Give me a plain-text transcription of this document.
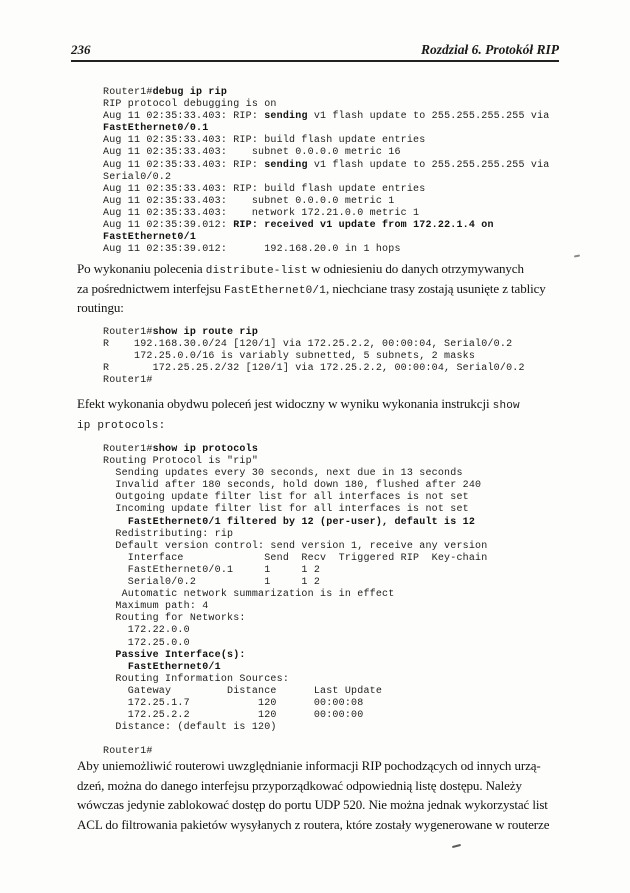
236	Rozdział 6. Protokół RIP
Router1#debug ip rip
RIP protocol debugging is on
Aug 11 02:35:33.403: RIP: sending v1 flash update to 255.255.255.255 via
FastEthernet0/0.1
Aug 11 02:35:33.403: RIP: build flash update entries
Aug 11 02:35:33.403:    subnet 0.0.0.0 metric 16
Aug 11 02:35:33.403: RIP: sending v1 flash update to 255.255.255.255 via
Serial0/0.2
Aug 11 02:35:33.403: RIP: build flash update entries
Aug 11 02:35:33.403:    subnet 0.0.0.0 metric 1
Aug 11 02:35:33.403:    network 172.21.0.0 metric 1
Aug 11 02:35:39.012: RIP: received v1 update from 172.22.1.4 on
FastEthernet0/1
Aug 11 02:35:39.012:      192.168.20.0 in 1 hops
Po wykonaniu polecenia distribute-list w odniesieniu do danych otrzymywanych
za pośrednictwem interfejsu FastEthernet0/1, niechciane trasy zostają usunięte z tablicy
routingu:
Router1#show ip route rip
R    192.168.30.0/24 [120/1] via 172.25.2.2, 00:00:04, Serial0/0.2
172.25.0.0/16 is variably subnetted, 5 subnets, 2 masks
R       172.25.25.2/32 [120/1] via 172.25.2.2, 00:00:04, Serial0/0.2
Router1#
Efekt wykonania obydwu poleceń jest widoczny w wyniku wykonania instrukcji show
ip protocols:
Router1#show ip protocols
Routing Protocol is "rip"
Sending updates every 30 seconds, next due in 13 seconds
Invalid after 180 seconds, hold down 180, flushed after 240
Outgoing update filter list for all interfaces is not set
Incoming update filter list for all interfaces is not set
FastEthernet0/1 filtered by 12 (per-user), default is 12
Redistributing: rip
Default version control: send version 1, receive any version
Interface             Send  Recv  Triggered RIP  Key-chain
FastEthernet0/0.1     1     1 2
Serial0/0.2           1     1 2
Automatic network summarization is in effect
Maximum path: 4
Routing for Networks:
172.22.0.0
172.25.0.0
Passive Interface(s):
FastEthernet0/1
Routing Information Sources:
Gateway         Distance      Last Update
172.25.1.7           120      00:00:08
172.25.2.2           120      00:00:00
Distance: (default is 120)

Router1#
Aby uniemożliwić routerowi uwzględnianie informacji RIP pochodzących od innych urzą-
dzeń, można do danego interfejsu przyporządkować odpowiednią listę dostępu. Należy
wówczas jedynie zablokować dostęp do portu UDP 520. Nie można jednak wykorzystać list
ACL do filtrowania pakietów wysyłanych z routera, które zostały wygenerowane w routerze
